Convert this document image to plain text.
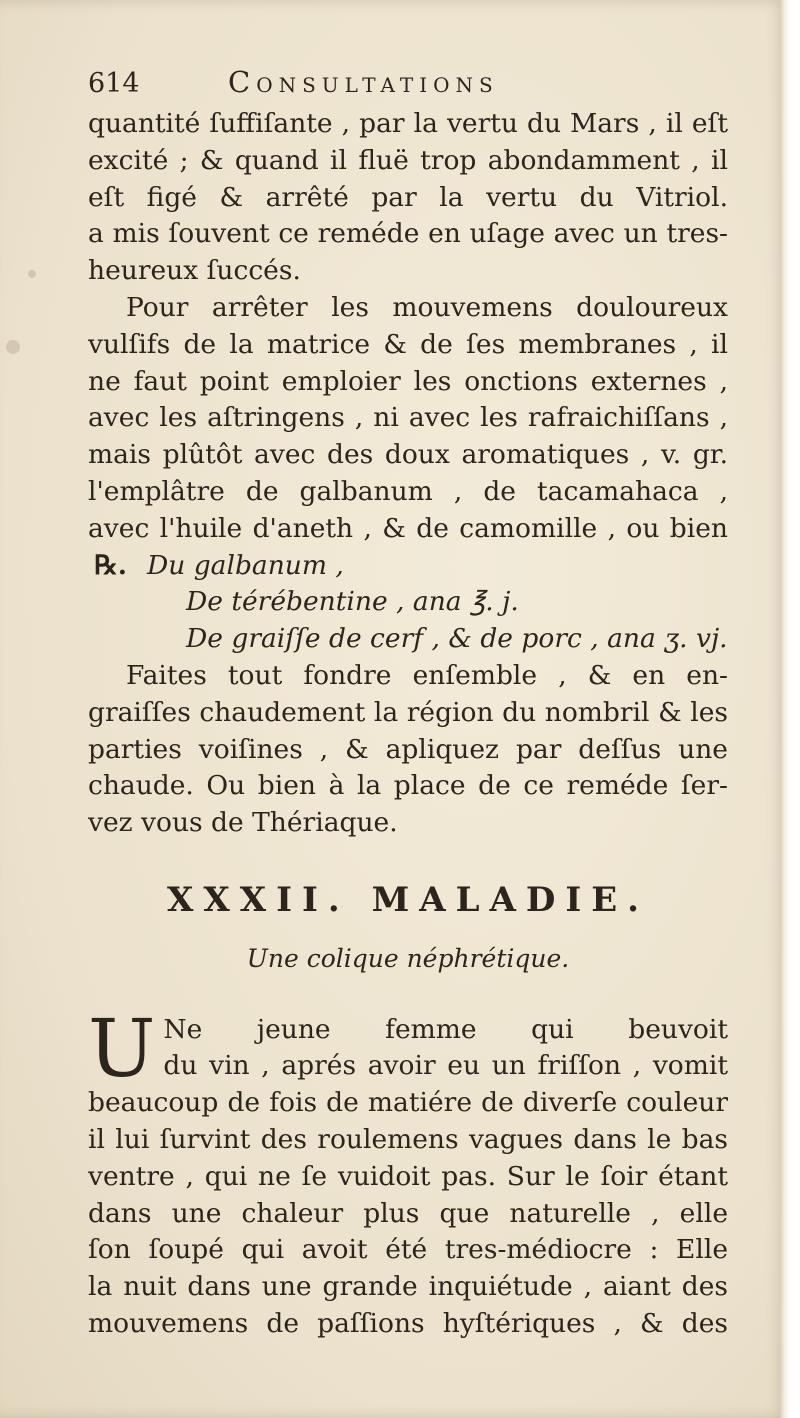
614	Consultations
quantité ſuffiſante , par la vertu du Mars , il eſt
excité ; & quand il fluë trop abondamment , il
eſt figé & arrêté par la vertu du Vitriol.
a mis ſouvent ce reméde en uſage avec un tres-
heureux ſuccés.
Pour arrêter les mouvemens douloureux
vulſifs de la matrice & de ſes membranes , il
ne faut point emploier les onctions externes ,
avec les aſtringens , ni avec les rafraichiſſans ,
mais plûtôt avec des doux aromatiques , v. gr.
l'emplâtre de galbanum , de tacamahaca ,
avec l'huile d'aneth , & de camomille , ou bien
℞. Du galbanum ,
De térébentine , ana ℥. j.
De graiſſe de cerf , & de porc , ana ʒ. vj.
Faites tout fondre enſemble , & en en-
graiſſes chaudement la région du nombril & les
parties voiſines , & apliquez par deſſus une
chaude. Ou bien à la place de ce reméde ſer-
vez vous de Thériaque.
XXXII. MALADIE.
Une colique néphrétique.
U Ne jeune femme qui beuvoit
du vin , aprés avoir eu un friſſon , vomit
beaucoup de fois de matiére de diverſe couleur
il lui ſurvint des roulemens vagues dans le bas
ventre , qui ne ſe vuidoit pas. Sur le ſoir étant
dans une chaleur plus que naturelle , elle
ſon ſoupé qui avoit été tres-médiocre : Elle
la nuit dans une grande inquiétude , aiant des
mouvemens de paſſions hyſtériques , & des
